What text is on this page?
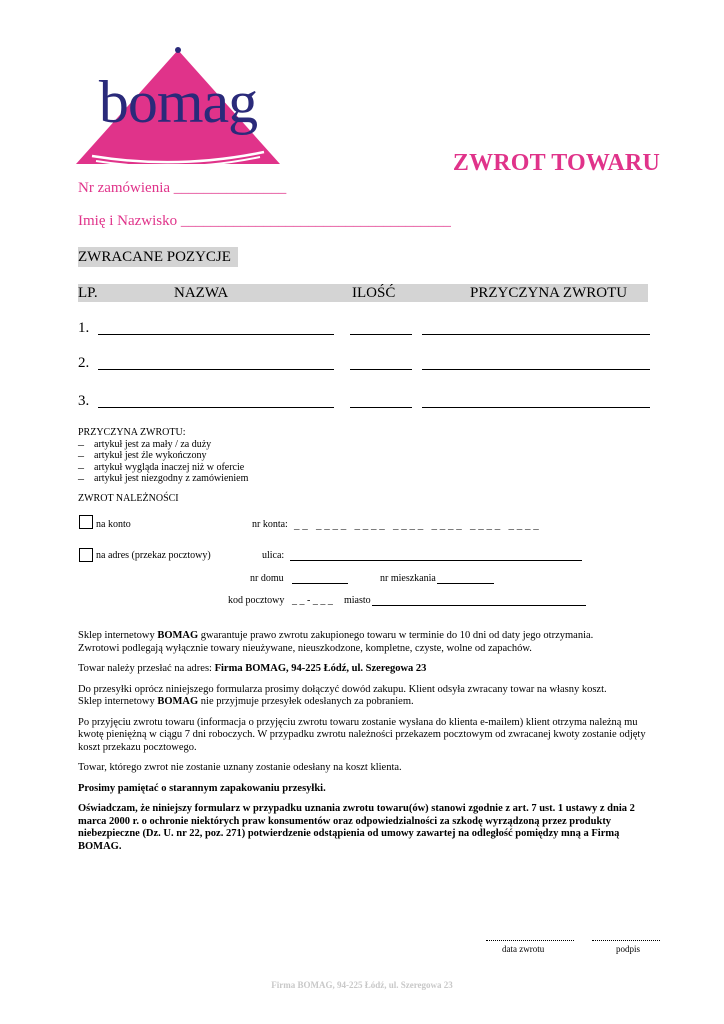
bomag
ZWROT TOWARU
Nr zamówienia _______________
Imię i Nazwisko ____________________________________
ZWRACANE POZYCJE
LP.	NAZWA	ILOŚĆ	PRZYCZYNA ZWROTU
1.
2.
3.
PRZYCZYNA ZWROTU:
– artykuł jest za mały / za duży
– artykuł jest źle wykończony
– artykuł wygląda inaczej niż w ofercie
– artykuł jest niezgodny z zamówieniem
ZWROT NALEŻNOŚCI
na konto	nr konta: _ _   _ _ _ _   _ _ _ _   _ _ _ _   _ _ _ _   _ _ _ _   _ _ _ _
na adres (przekaz pocztowy)	ulica:
nr domu	nr mieszkania
kod pocztowy _ _ - _ _ _ miasto

Sklep internetowy BOMAG gwarantuje prawo zwrotu zakupionego towaru w terminie do 10 dni od daty jego otrzymania.
Zwrotowi podlegają wyłącznie towary nieużywane, nieuszkodzone, kompletne, czyste, wolne od zapachów.

Towar należy przesłać na adres: Firma BOMAG, 94-225 Łódź, ul. Szeregowa 23

Do przesyłki oprócz niniejszego formularza prosimy dołączyć dowód zakupu. Klient odsyła zwracany towar na własny koszt.
Sklep internetowy BOMAG nie przyjmuje przesyłek odesłanych za pobraniem.

Po przyjęciu zwrotu towaru (informacja o przyjęciu zwrotu towaru zostanie wysłana do klienta e-mailem) klient otrzyma należną mu kwotę pieniężną w ciągu 7 dni roboczych. W przypadku zwrotu należności przekazem pocztowym od zwracanej kwoty zostanie odjęty koszt przekazu pocztowego.

Towar, którego zwrot nie zostanie uznany zostanie odesłany na koszt klienta.

Prosimy pamiętać o starannym zapakowaniu przesyłki.

Oświadczam, że niniejszy formularz w przypadku uznania zwrotu towaru(ów) stanowi zgodnie z art. 7 ust. 1 ustawy z dnia 2 marca 2000 r. o ochronie niektórych praw konsumentów oraz odpowiedzialności za szkodę wyrządzoną przez produkty niebezpieczne (Dz. U. nr 22, poz. 271) potwierdzenie odstąpienia od umowy zawartej na odległość pomiędzy mną a Firmą BOMAG.

data zwrotu	podpis
Firma BOMAG, 94-225 Łódź, ul. Szeregowa 23
